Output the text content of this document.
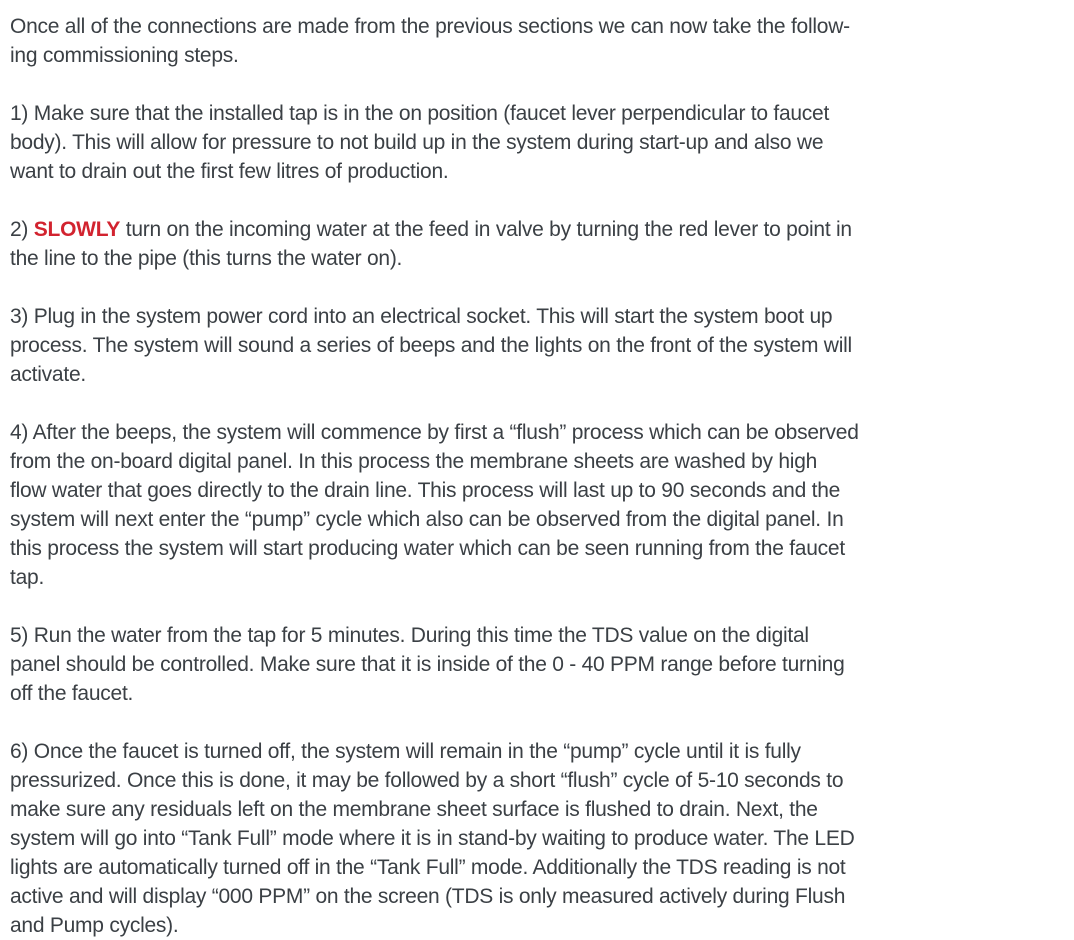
Once all of the connections are made from the previous sections we can now take the follow-
ing commissioning steps.
1) Make sure that the installed tap is in the on position (faucet lever perpendicular to faucet
body). This will allow for pressure to not build up in the system during start-up and also we
want to drain out the first few litres of production.
2) SLOWLY turn on the incoming water at the feed in valve by turning the red lever to point in
the line to the pipe (this turns the water on).
3) Plug in the system power cord into an electrical socket. This will start the system boot up
process. The system will sound a series of beeps and the lights on the front of the system will
activate.
4) After the beeps, the system will commence by first a “flush” process which can be observed
from the on-board digital panel. In this process the membrane sheets are washed by high
flow water that goes directly to the drain line. This process will last up to 90 seconds and the
system will next enter the “pump” cycle which also can be observed from the digital panel. In
this process the system will start producing water which can be seen running from the faucet
tap.
5) Run the water from the tap for 5 minutes. During this time the TDS value on the digital
panel should be controlled. Make sure that it is inside of the 0 - 40 PPM range before turning
off the faucet.
6) Once the faucet is turned off, the system will remain in the “pump” cycle until it is fully
pressurized. Once this is done, it may be followed by a short “flush” cycle of 5-10 seconds to
make sure any residuals left on the membrane sheet surface is flushed to drain. Next, the
system will go into “Tank Full” mode where it is in stand-by waiting to produce water. The LED
lights are automatically turned off in the “Tank Full” mode. Additionally the TDS reading is not
active and will display “000 PPM” on the screen (TDS is only measured actively during Flush
and Pump cycles).
